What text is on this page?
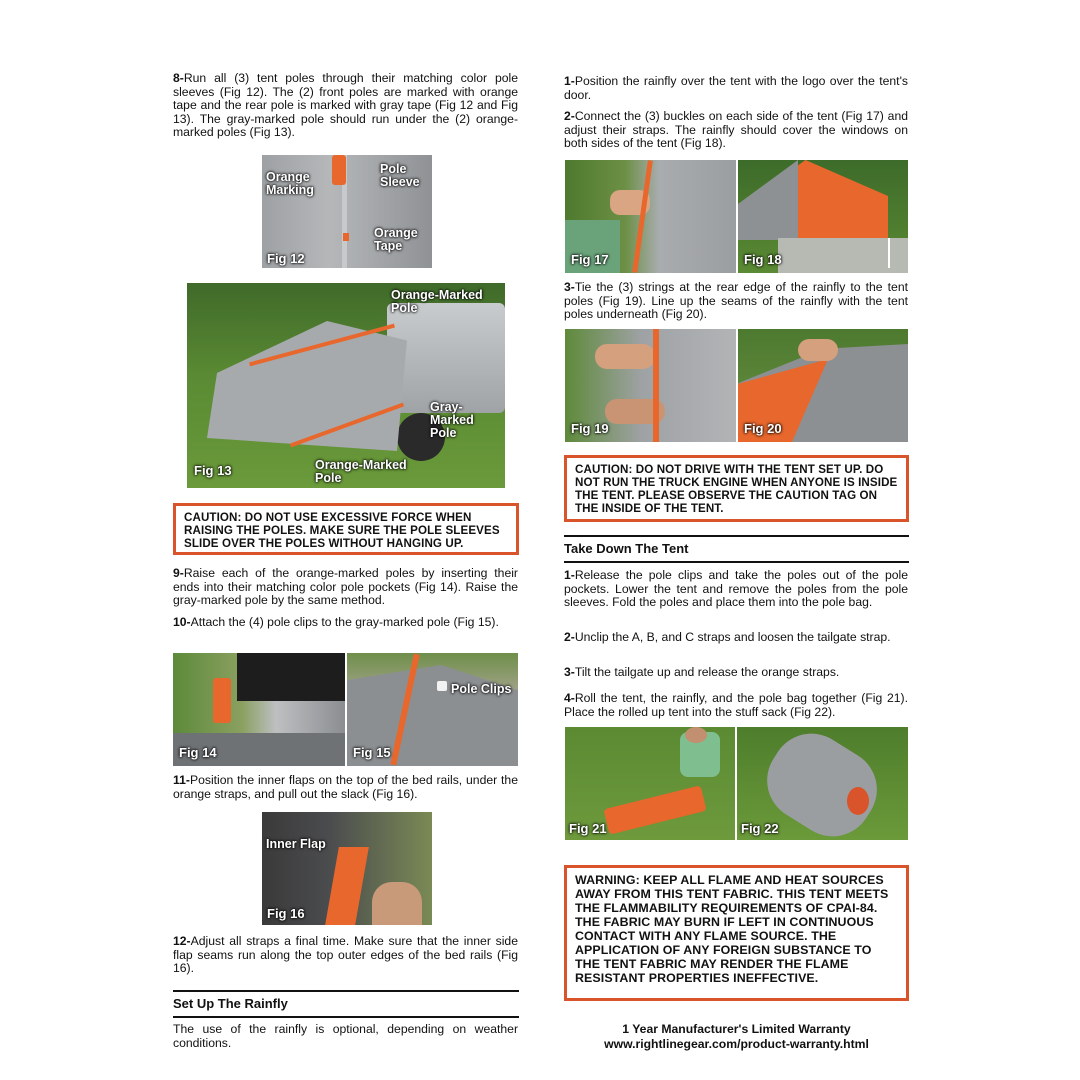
8-Run all (3) tent poles through their matching color pole sleeves (Fig 12). The (2) front poles are marked with orange tape and the rear pole is marked with gray tape (Fig 12 and Fig 13). The gray-marked pole should run under the (2) orange-marked poles (Fig 13).

Orange Marking
Pole Sleeve
Orange Tape
Fig 12
Orange-Marked Pole
Gray-Marked Pole
Orange-Marked Pole
Fig 13
CAUTION: DO NOT USE EXCESSIVE FORCE WHEN RAISING THE POLES. MAKE SURE THE POLE SLEEVES SLIDE OVER THE POLES WITHOUT HANGING UP.

9-Raise each of the orange-marked poles by inserting their ends into their matching color pole pockets (Fig 14). Raise the gray-marked pole by the same method.

10-Attach the (4) pole clips to the gray-marked pole (Fig 15).

Fig 14
Pole Clips
Fig 15

11-Position the inner flaps on the top of the bed rails, under the orange straps, and pull out the slack (Fig 16).

Inner Flap
Fig 16

12-Adjust all straps a final time. Make sure that the inner side flap seams run along the top outer edges of the bed rails (Fig 16).

Set Up The Rainfly

The use of the rainfly is optional, depending on weather conditions.

1-Position the rainfly over the tent with the logo over the tent's door.

2-Connect the (3) buckles on each side of the tent (Fig 17) and adjust their straps. The rainfly should cover the windows on both sides of the tent (Fig 18).

Fig 17	Fig 18

3-Tie the (3) strings at the rear edge of the rainfly to the tent poles (Fig 19). Line up the seams of the rainfly with the tent poles underneath (Fig 20).

Fig 19	Fig 20
CAUTION: DO NOT DRIVE WITH THE TENT SET UP. DO NOT RUN THE TRUCK ENGINE WHEN ANYONE IS INSIDE THE TENT. PLEASE OBSERVE THE CAUTION TAG ON THE INSIDE OF THE TENT.
Take Down The Tent

1-Release the pole clips and take the poles out of the pole pockets. Lower the tent and remove the poles from the pole sleeves. Fold the poles and place them into the pole bag.

2-Unclip the A, B, and C straps and loosen the tailgate strap.

3-Tilt the tailgate up and release the orange straps.

4-Roll the tent, the rainfly, and the pole bag together (Fig 21). Place the rolled up tent into the stuff sack (Fig 22).

Fig 21	Fig 22
WARNING: KEEP ALL FLAME AND HEAT SOURCES AWAY FROM THIS TENT FABRIC. THIS TENT MEETS THE FLAMMABILITY REQUIREMENTS OF CPAI-84. THE FABRIC MAY BURN IF LEFT IN CONTINUOUS CONTACT WITH ANY FLAME SOURCE. THE APPLICATION OF ANY FOREIGN SUBSTANCE TO THE TENT FABRIC MAY RENDER THE FLAME RESISTANT PROPERTIES INEFFECTIVE.
1 Year Manufacturer's Limited Warranty
www.rightlinegear.com/product-warranty.html
